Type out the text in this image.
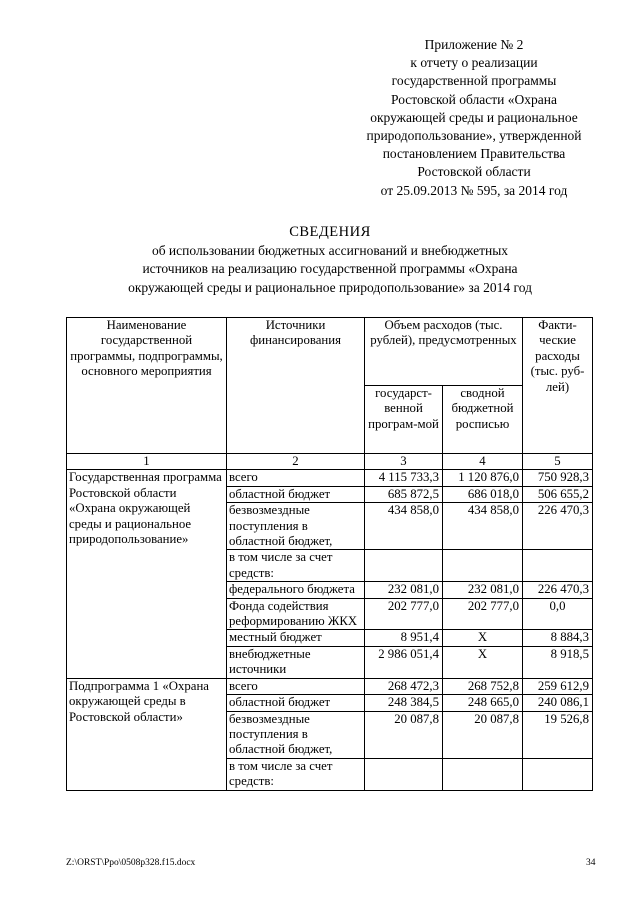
Приложение № 2
к отчету о реализации
государственной программы
Ростовской области «Охрана
окружающей среды и рациональное
природопользование», утвержденной
постановлением Правительства
Ростовской области
от 25.09.2013 № 595, за 2014 год
СВЕДЕНИЯ
об использовании бюджетных ассигнований и внебюджетных
источников на реализацию государственной программы «Охрана
окружающей среды и рациональное природопользование» за 2014 год
Наименование государственной программы, подпрограммы, основного мероприятия	Источники финансирования	Объем расходов (тыс. рублей), предусмотренных		Факти-ческие расходы (тыс. руб-лей)
		государст-венной програм-мой	сводной бюджетной росписью	
1	2	3	4	5
Государственная программа Ростовской области «Охрана окружающей среды и рациональное природопользование»	всего	4 115 733,3	1 120 876,0	750 928,3
	областной бюджет	685 872,5	686 018,0	506 655,2
	безвозмездные поступления в областной бюджет,	434 858,0	434 858,0	226 470,3
	в том числе за счет средств:			
	федерального бюджета	232 081,0	232 081,0	226 470,3
	Фонда содействия реформированию ЖКХ	202 777,0	202 777,0	0,0
	местный бюджет	8 951,4	Х	8 884,3
	внебюджетные источники	2 986 051,4	Х	8 918,5
Подпрограмма 1 «Охрана окружающей среды в Ростовской области»	всего	268 472,3	268 752,8	259 612,9
	областной бюджет	248 384,5	248 665,0	240 086,1
	безвозмездные поступления в областной бюджет,	20 087,8	20 087,8	19 526,8
	в том числе за счет средств:			
Z:\ORST\Ppo\0508p328.f15.docx	34
